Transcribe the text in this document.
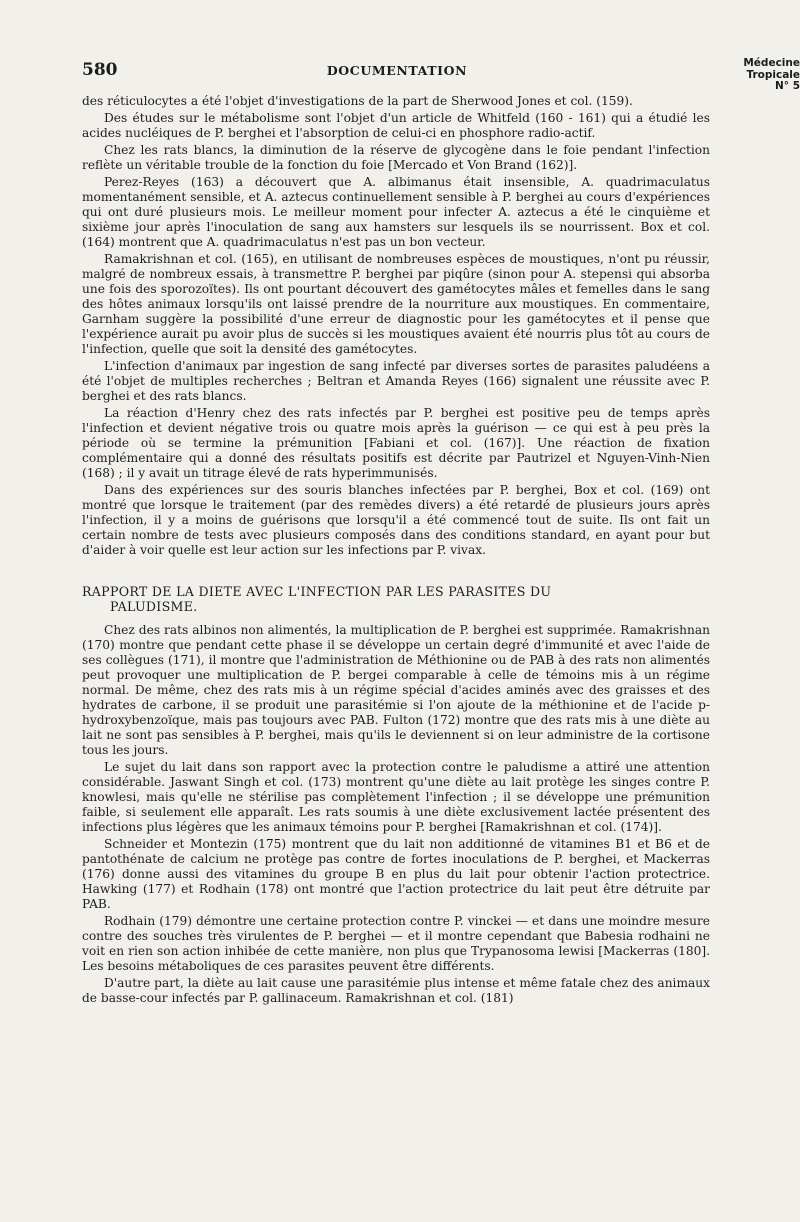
580	DOCUMENTATION	Médecine
Tropicale
N° 5

des réticulocytes a été l'objet d'investigations de la part de Sherwood Jones et col. (159).

Des études sur le métabolisme sont l'objet d'un article de Whitfeld (160 - 161) qui a étudié les acides nucléiques de P. berghei et l'absorption de celui-ci en phosphore radio-actif.

Chez les rats blancs, la diminution de la réserve de glycogène dans le foie pendant l'infection reflète un véritable trouble de la fonction du foie [Mercado et Von Brand (162)].

Perez-Reyes (163) a découvert que A. albimanus était insensible, A. quadrimaculatus momentanément sensible, et A. aztecus continuellement sensible à P. berghei au cours d'expériences qui ont duré plusieurs mois. Le meilleur moment pour infecter A. aztecus a été le cinquième et sixième jour après l'inoculation de sang aux hamsters sur lesquels ils se nourrissent. Box et col. (164) montrent que A. quadrimaculatus n'est pas un bon vecteur.

Ramakrishnan et col. (165), en utilisant de nombreuses espèces de moustiques, n'ont pu réussir, malgré de nombreux essais, à transmettre P. berghei par piqûre (sinon pour A. stepensi qui absorba une fois des sporozoïtes). Ils ont pourtant découvert des gamétocytes mâles et femelles dans le sang des hôtes animaux lorsqu'ils ont laissé prendre de la nourriture aux moustiques. En commentaire, Garnham suggère la possibilité d'une erreur de diagnostic pour les gamétocytes et il pense que l'expérience aurait pu avoir plus de succès si les moustiques avaient été nourris plus tôt au cours de l'infection, quelle que soit la densité des gamétocytes.

L'infection d'animaux par ingestion de sang infecté par diverses sortes de parasites paludéens a été l'objet de multiples recherches ; Beltran et Amanda Reyes (166) signalent une réussite avec P. berghei et des rats blancs.

La réaction d'Henry chez des rats infectés par P. berghei est positive peu de temps après l'infection et devient négative trois ou quatre mois après la guérison — ce qui est à peu près la période où se termine la prémunition [Fabiani et col. (167)]. Une réaction de fixation complémentaire qui a donné des résultats positifs est décrite par Pautrizel et Nguyen-Vinh-Nien (168) ; il y avait un titrage élevé de rats hyperimmunisés.

Dans des expériences sur des souris blanches infectées par P. berghei, Box et col. (169) ont montré que lorsque le traitement (par des remèdes divers) a été retardé de plusieurs jours après l'infection, il y a moins de guérisons que lorsqu'il a été commencé tout de suite. Ils ont fait un certain nombre de tests avec plusieurs composés dans des conditions standard, en ayant pour but d'aider à voir quelle est leur action sur les infections par P. vivax.

RAPPORT DE LA DIETE AVEC L'INFECTION PAR LES PARASITES DU
PALUDISME.

Chez des rats albinos non alimentés, la multiplication de P. berghei est supprimée. Ramakrishnan (170) montre que pendant cette phase il se développe un certain degré d'immunité et avec l'aide de ses collègues (171), il montre que l'administration de Méthionine ou de PAB à des rats non alimentés peut provoquer une multiplication de P. bergei comparable à celle de témoins mis à un régime normal. De même, chez des rats mis à un régime spécial d'acides aminés avec des graisses et des hydrates de carbone, il se produit une parasitémie si l'on ajoute de la méthionine et de l'acide p-hydroxybenzoïque, mais pas toujours avec PAB. Fulton (172) montre que des rats mis à une diète au lait ne sont pas sensibles à P. berghei, mais qu'ils le deviennent si on leur administre de la cortisone tous les jours.

Le sujet du lait dans son rapport avec la protection contre le paludisme a attiré une attention considérable. Jaswant Singh et col. (173) montrent qu'une diète au lait protège les singes contre P. knowlesi, mais qu'elle ne stérilise pas complètement l'infection ; il se développe une prémunition faible, si seulement elle apparaît. Les rats soumis à une diète exclusivement lactée présentent des infections plus légères que les animaux témoins pour P. berghei [Ramakrishnan et col. (174)].

Schneider et Montezin (175) montrent que du lait non additionné de vitamines B1 et B6 et de pantothénate de calcium ne protège pas contre de fortes inoculations de P. berghei, et Mackerras (176) donne aussi des vitamines du groupe B en plus du lait pour obtenir l'action protectrice. Hawking (177) et Rodhain (178) ont montré que l'action protectrice du lait peut être détruite par PAB.

Rodhain (179) démontre une certaine protection contre P. vinckei — et dans une moindre mesure contre des souches très virulentes de P. berghei — et il montre cependant que Babesia rodhaini ne voit en rien son action inhibée de cette manière, non plus que Trypanosoma lewisi [Mackerras (180]. Les besoins métaboliques de ces parasites peuvent être différents.

D'autre part, la diète au lait cause une parasitémie plus intense et même fatale chez des animaux de basse-cour infectés par P. gallinaceum. Ramakrishnan et col. (181)
